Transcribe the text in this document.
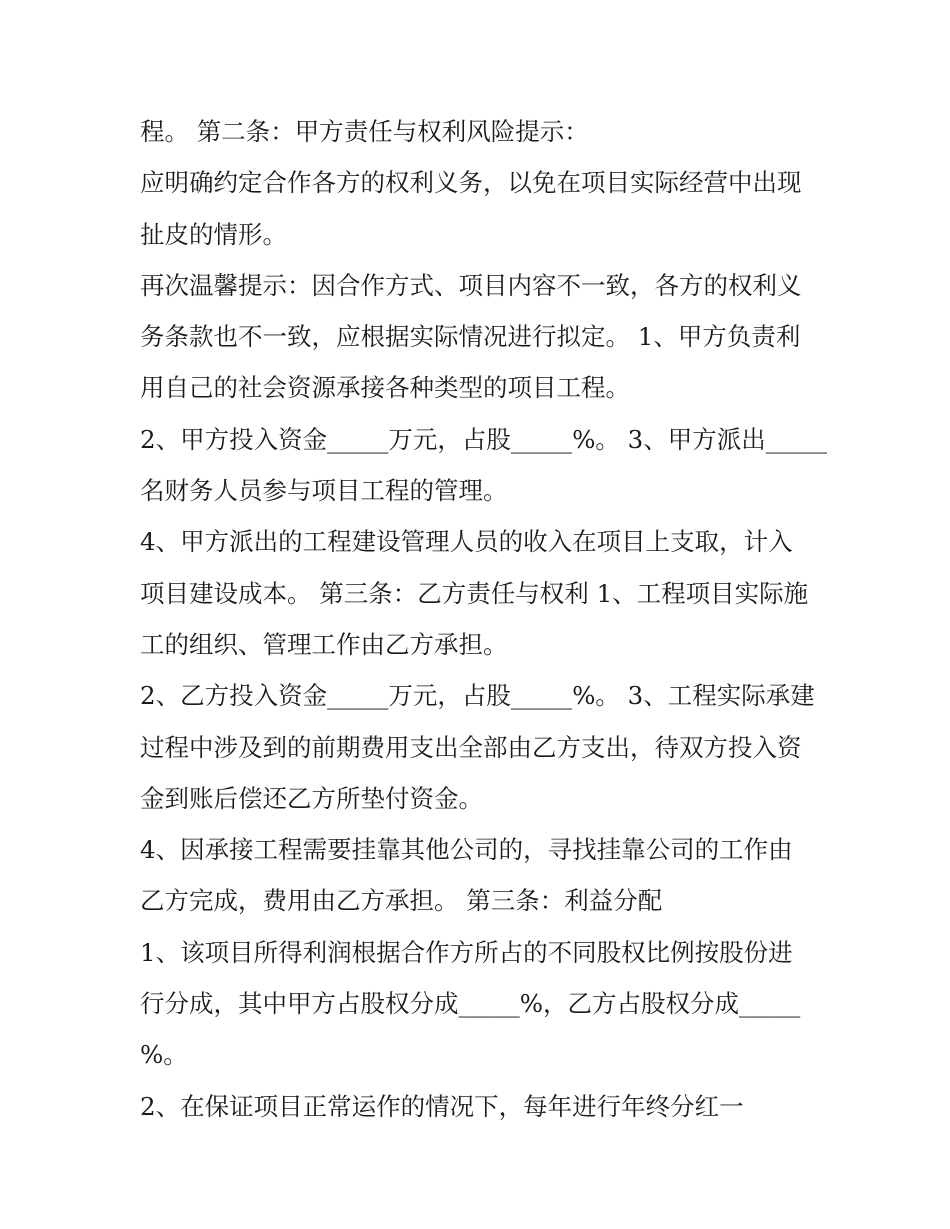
程。 第二条：甲方责任与权利风险提示：
应明确约定合作各方的权利义务，以免在项目实际经营中出现
扯皮的情形。
再次温馨提示：因合作方式、项目内容不一致，各方的权利义
务条款也不一致，应根据实际情况进行拟定。 1、甲方负责利
用自己的社会资源承接各种类型的项目工程。
2、甲方投入资金_____万元，占股_____%。 3、甲方派出_____
名财务人员参与项目工程的管理。
4、甲方派出的工程建设管理人员的收入在项目上支取，计入
项目建设成本。 第三条：乙方责任与权利 1、工程项目实际施
工的组织、管理工作由乙方承担。
2、乙方投入资金_____万元，占股_____%。 3、工程实际承建
过程中涉及到的前期费用支出全部由乙方支出，待双方投入资
金到账后偿还乙方所垫付资金。
4、因承接工程需要挂靠其他公司的，寻找挂靠公司的工作由
乙方完成，费用由乙方承担。 第三条：利益分配
1、该项目所得利润根据合作方所占的不同股权比例按股份进
行分成，其中甲方占股权分成_____%，乙方占股权分成_____
%。
2、在保证项目正常运作的情况下，每年进行年终分红一
